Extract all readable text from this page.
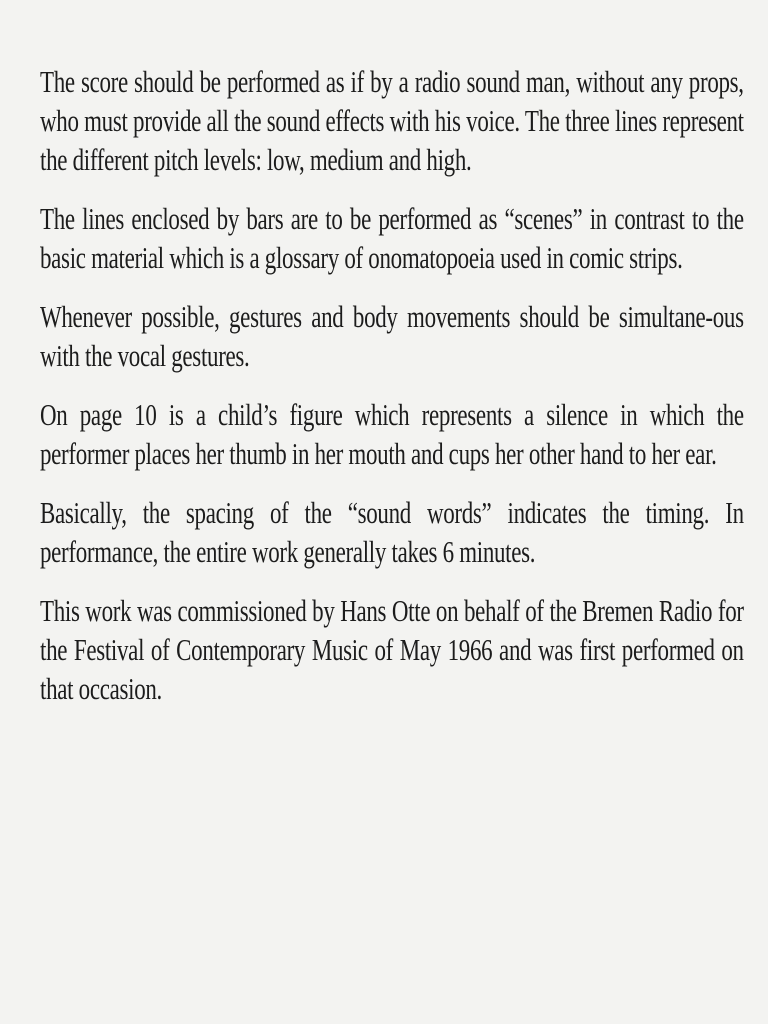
The score should be performed as if by a radio sound man, without any props, who must provide all the sound effects with his voice. The three lines represent the different pitch levels: low, medium and high.

The lines enclosed by bars are to be performed as “scenes” in contrast to the basic material which is a glossary of onomatopoeia used in comic strips.

Whenever possible, gestures and body movements should be simultane-ous with the vocal gestures.

On page 10 is a child’s figure which represents a silence in which the performer places her thumb in her mouth and cups her other hand to her ear.

Basically, the spacing of the “sound words” indicates the timing. In performance, the entire work generally takes 6 minutes.

This work was commissioned by Hans Otte on behalf of the Bremen Radio for the Festival of Contemporary Music of May 1966 and was first performed on that occasion.
